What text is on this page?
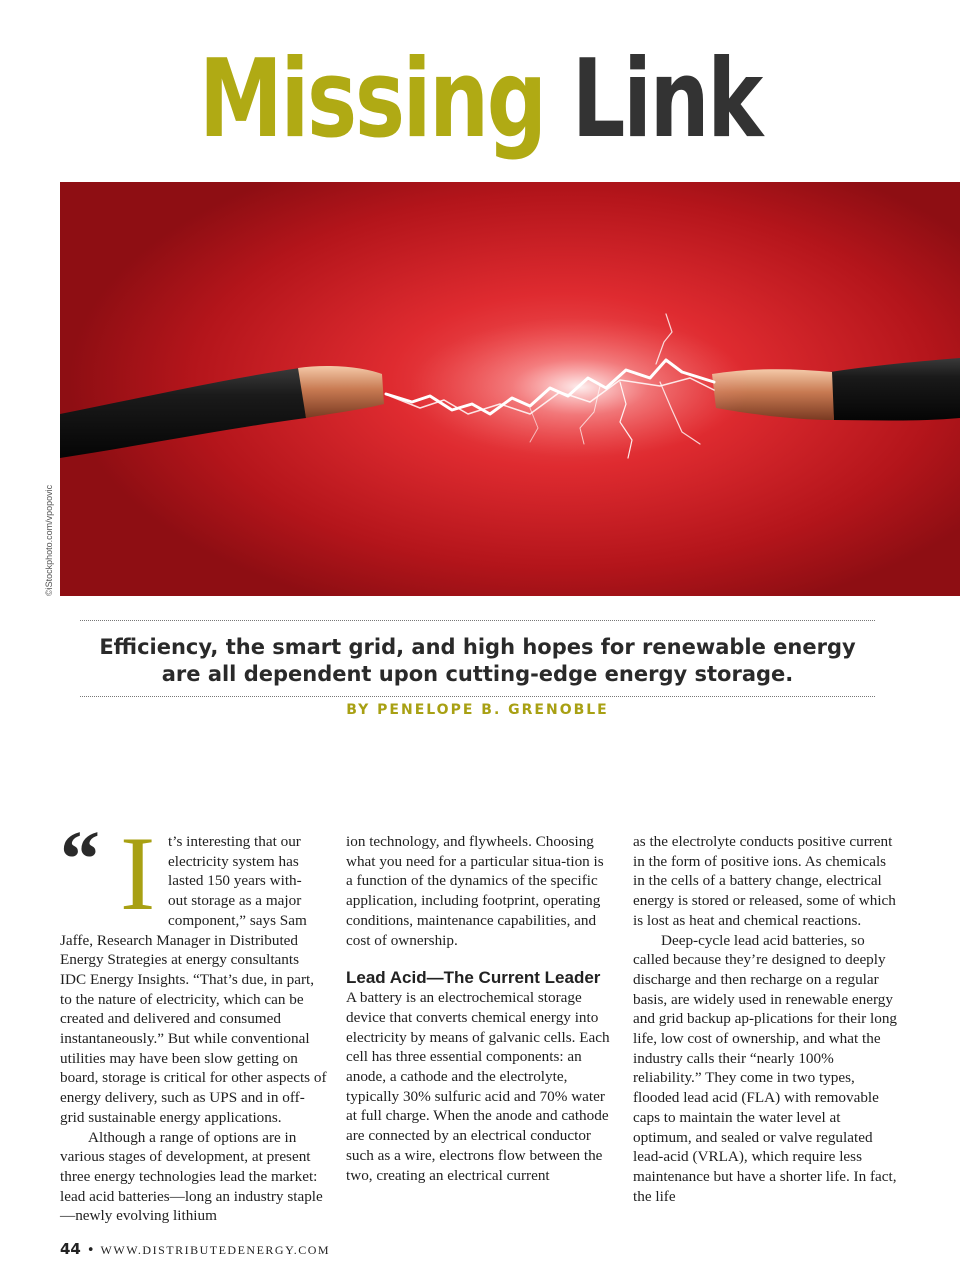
Missing Link
©iStockphoto.com/vpopovic
Efficiency, the smart grid, and high hopes for renewable energy are all dependent upon cutting-edge energy storage.
BY PENELOPE B. GRENOBLE
“ I t’s interesting that our
electricity system has
lasted 150 years with-
out storage as a major
component,” says Sam

Jaffe, Research Manager in Distributed Energy Strategies at energy consultants IDC Energy Insights. “That’s due, in part, to the nature of electricity, which can be created and delivered and consumed instantaneously.” But while conventional utilities may have been slow getting on board, storage is critical for other aspects of energy delivery, such as UPS and in off-grid sustainable energy applications.

Although a range of options are in various stages of development, at present three energy technologies lead the market: lead acid batteries—long an industry staple—newly evolving lithium

ion technology, and flywheels. Choosing what you need for a particular situa-tion is a function of the dynamics of the specific application, including footprint, operating conditions, maintenance capabilities, and cost of ownership.

Lead Acid—The Current Leader

A battery is an electrochemical storage device that converts chemical energy into electricity by means of galvanic cells. Each cell has three essential components: an anode, a cathode and the electrolyte, typically 30% sulfuric acid and 70% water at full charge. When the anode and cathode are connected by an electrical conductor such as a wire, electrons flow between the two, creating an electrical current

as the electrolyte conducts positive current in the form of positive ions. As chemicals in the cells of a battery change, electrical energy is stored or released, some of which is lost as heat and chemical reactions.

Deep-cycle lead acid batteries, so called because they’re designed to deeply discharge and then recharge on a regular basis, are widely used in renewable energy and grid backup ap-plications for their long life, low cost of ownership, and what the industry calls their “nearly 100% reliability.” They come in two types, flooded lead acid (FLA) with removable caps to maintain the water level at optimum, and sealed or valve regulated lead-acid (VRLA), which require less maintenance but have a shorter life. In fact, the life

44 • WWW.DISTRIBUTEDENERGY.COM
